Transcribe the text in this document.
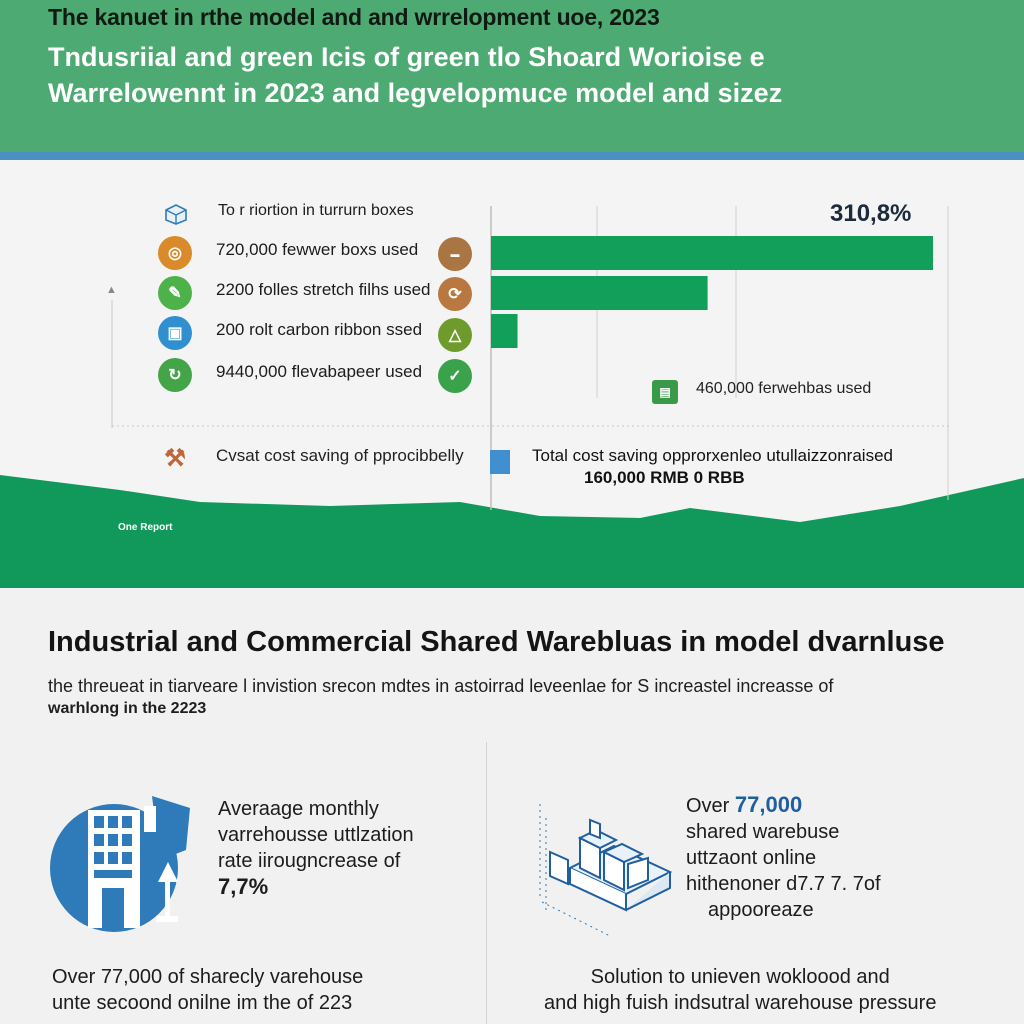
The kanuet in rthe model and and wrrelopment uoe, 2023
Tndusriial and green Icis of green tlo Shoard Worioise e
Warrelowennt in 2023 and legvelopmuce model and sizez
▲
◎
✎
▣
↻
To r riortion in turrurn boxes
720,000 fewwer boxs used
2200 folles stretch filhs used
200 rolt carbon ribbon ssed
9440,000 flevabapeer used
▬
⟳
△
✓
310,8%
▤	460,000 ferwehbas used
⚒	Cvsat cost saving of pprocibbelly	Total cost saving opprorxenleo utullaizzonraised
160,000 RMB 0 RBB
One Report
Industrial and Commercial Shared Warebluas in model dvarnluse
the threueat in tiarveare l invistion srecon mdtes in astoirrad leveenlae for S increastel increasse of
warhlong in the 2223
Averaage monthly
varrehousse uttlzation
rate iirougncrease of
7,7%
Over 77,000
shared warebuse
uttzaont online
hithenoner d7.7 7. 7of
appooreaze
Over 77,000 of sharecly varehouse
unte secoond onilne im the of 223
Solution to unieven wokloood and
and high fuish indsutral warehouse pressure
